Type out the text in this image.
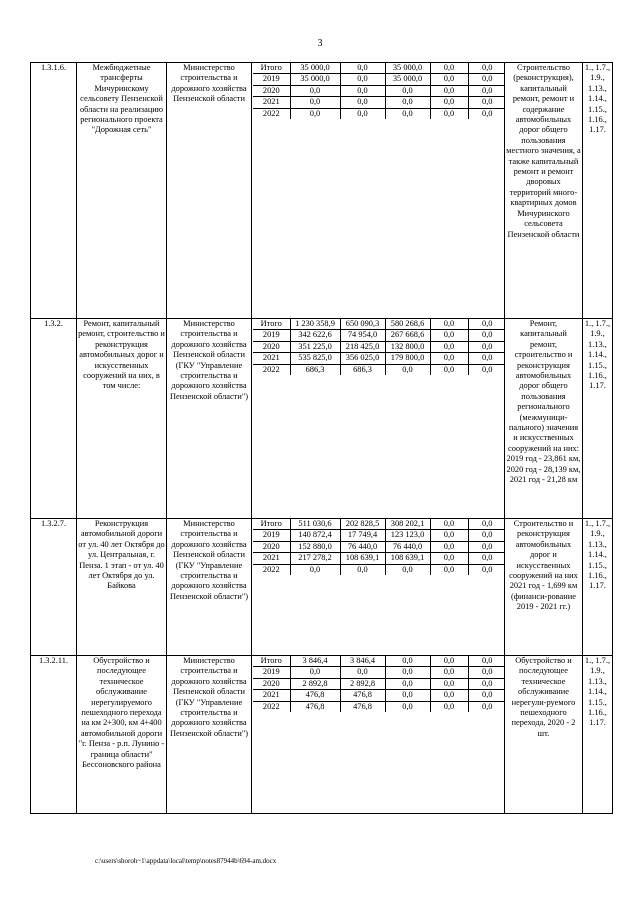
3
1.3.1.6.	Межбюджетные трансферты Мичуринскому сельсовету Пензенской области на реализацию регионального проекта "Дорожная сеть"	Министерство строительства и дорожного хозяйства Пензенской области	
Итого	35 000,0	0,0	35 000,0	0,0	0,0
2019	35 000,0	0,0	35 000,0	0,0	0,0
2020	0,0	0,0	0,0	0,0	0,0
2021	0,0	0,0	0,0	0,0	0,0
2022	0,0	0,0	0,0	0,0	0,0
	Строительство (реконструкция), капитальный ремонт, ремонт и содержание автомобильных дорог общего пользования местного значения, а также капитальный ремонт и ремонт дворовых территорий много-квартирных домов Мичуринского сельсовета Пензенской области	1., 1.7., 1.9., 1.13., 1.14., 1.15., 1.16., 1.17.
1.3.2.	Ремонт, капитальный ремонт, строительство и реконструкция автомобильных дорог и искусственных сооружений на них, в том числе:	Министерство строительства и дорожного хозяйства Пензенской области (ГКУ "Управление строительства и дорожного хозяйства Пензенской области")	
Итого	1 230 358,9	650 090,3	580 268,6	0,0	0,0
2019	342 622,6	74 954,0	267 668,6	0,0	0,0
2020	351 225,0	218 425,0	132 800,0	0,0	0,0
2021	535 825,0	356 025,0	179 800,0	0,0	0,0
2022	686,3	686,3	0,0	0,0	0,0
	Ремонт, капитальный ремонт, строительство и реконструкция автомобильных дорог общего пользования регионального (межмуници-пального) значения и искусственных сооружений на них: 2019 год - 23,861 км, 2020 год - 28,139 км, 2021 год - 21,28 км	1., 1.7., 1.9., 1.13., 1.14., 1.15., 1.16., 1.17.
1.3.2.7.	Реконструкция автомобильной дороги от ул. 40 лет Октября до ул. Центральная, г. Пенза. 1 этап - от ул. 40 лет Октября до ул. Байкова	Министерство строительства и дорожного хозяйства Пензенской области (ГКУ "Управление строительства и дорожного хозяйства Пензенской области")	
Итого	511 030,6	202 828,5	308 202,1	0,0	0,0
2019	140 872,4	17 749,4	123 123,0	0,0	0,0
2020	152 880,0	76 440,0	76 440,0	0,0	0,0
2021	217 278,2	108 639,1	108 639,1	0,0	0,0
2022	0,0	0,0	0,0	0,0	0,0
	Строительство и реконструкция автомобильных дорог и искусственных сооружений на них 2021 год - 1,699 км (финанси-рование 2019 - 2021 гг.)	1., 1.7., 1.9., 1.13., 1.14., 1.15., 1.16., 1.17.
1.3.2.11.	Обустройство и последующее техническое обслуживание нерегулируемого пешеходного перехода на км 2+300, км 4+400 автомобильной дороги "г. Пенза - р.п. Лунино - граница области" Бессоновского района	Министерство строительства и дорожного хозяйства Пензенской области (ГКУ "Управление строительства и дорожного хозяйства Пензенской области")	
Итого	3 846,4	3 846,4	0,0	0,0	0,0
2019	0,0	0,0	0,0	0,0	0,0
2020	2 892,8	2 892,8	0,0	0,0	0,0
2021	476,8	476,8	0,0	0,0	0,0
2022	476,8	476,8	0,0	0,0	0,0
	Обустройство и последующее техническое обслуживание нерегули-руемого пешеходного перехода, 2020 - 2 шт.	1., 1.7., 1.9., 1.13., 1.14., 1.15., 1.16., 1.17.
c:\users\shoroh~1\appdata\local\temp\notes87944b\694-am.docx
